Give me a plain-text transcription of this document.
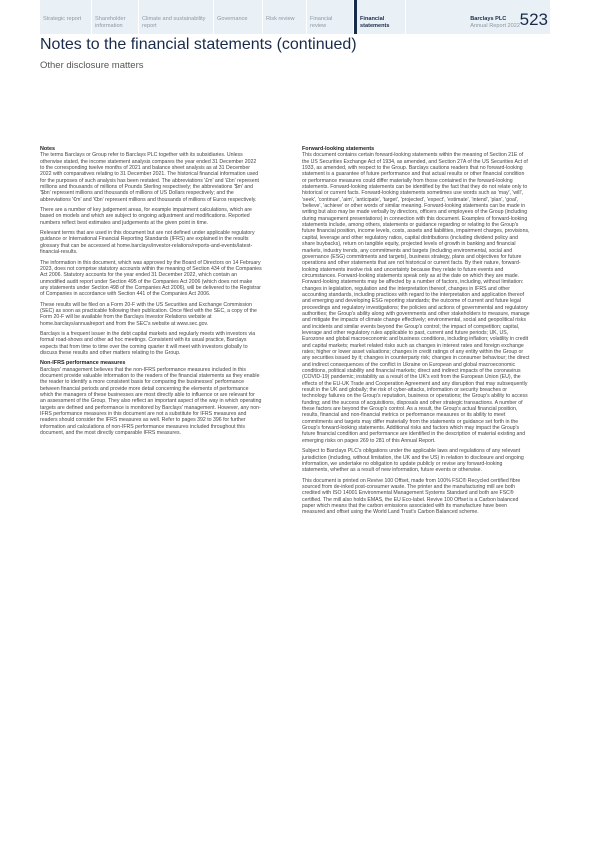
Strategic report	Shareholder information
Climate and sustainability report
Governance	Risk review	Financial review
Financial statements
Barclays PLC
Annual Report 2022 523
Notes to the financial statements (continued)
Other disclosure matters
Notes

The terms Barclays or Group refer to Barclays PLC together with its subsidiaries. Unless otherwise stated, the income statement analysis compares the year ended 31 December 2022 to the corresponding twelve months of 2021 and balance sheet analysis as at 31 December 2022 with comparatives relating to 31 December 2021. The historical financial information used for the purposes of such analysis has been restated. The abbreviations '£m' and '£bn' represent millions and thousands of millions of Pounds Sterling respectively; the abbreviations '$m' and '$bn' represent millions and thousands of millions of US Dollars respectively; and the abbreviations '€m' and '€bn' represent millions and thousands of millions of Euros respectively.

There are a number of key judgement areas, for example impairment calculations, which are based on models and which are subject to ongoing adjustment and modifications. Reported numbers reflect best estimates and judgements at the given point in time.

Relevant terms that are used in this document but are not defined under applicable regulatory guidance or International Financial Reporting Standards (IFRS) are explained in the results glossary that can be accessed at home.barclays/investor-relations/reports-and-events/latest-financial-results.

The information in this document, which was approved by the Board of Directors on 14 February 2023, does not comprise statutory accounts within the meaning of Section 434 of the Companies Act 2006. Statutory accounts for the year ended 31 December 2022, which contain an unmodified audit report under Section 495 of the Companies Act 2006 (which does not make any statements under Section 498 of the Companies Act 2006), will be delivered to the Registrar of Companies in accordance with Section 441 of the Companies Act 2006.

These results will be filed on a Form 20-F with the US Securities and Exchange Commission (SEC) as soon as practicable following their publication. Once filed with the SEC, a copy of the Form 20-F will be available from the Barclays Investor Relations website at home.barclays/annualreport and from the SEC's website at www.sec.gov.

Barclays is a frequent issuer in the debt capital markets and regularly meets with investors via formal road-shows and other ad hoc meetings. Consistent with its usual practice, Barclays expects that from time to time over the coming quarter it will meet with investors globally to discuss these results and other matters relating to the Group.

Non-IFRS performance measures

Barclays' management believes that the non-IFRS performance measures included in this document provide valuable information to the readers of the financial statements as they enable the reader to identify a more consistent basis for comparing the businesses' performance between financial periods and provide more detail concerning the elements of performance which the managers of these businesses are most directly able to influence or are relevant for an assessment of the Group. They also reflect an important aspect of the way in which operating targets are defined and performance is monitored by Barclays' management. However, any non-IFRS performance measures in this document are not a substitute for IFRS measures and readers should consider the IFRS measures as well. Refer to pages 392 to 396 for further information and calculations of non-IFRS performance measures included throughout this document, and the most directly comparable IFRS measures.

Forward-looking statements

This document contains certain forward-looking statements within the meaning of Section 21E of the US Securities Exchange Act of 1934, as amended, and Section 27A of the US Securities Act of 1933, as amended, with respect to the Group. Barclays cautions readers that no forward-looking statement is a guarantee of future performance and that actual results or other financial condition or performance measures could differ materially from those contained in the forward-looking statements. Forward-looking statements can be identified by the fact that they do not relate only to historical or current facts. Forward-looking statements sometimes use words such as 'may', 'will', 'seek', 'continue', 'aim', 'anticipate', 'target', 'projected', 'expect', 'estimate', 'intend', 'plan', 'goal', 'believe', 'achieve' or other words of similar meaning. Forward-looking statements can be made in writing but also may be made verbally by directors, officers and employees of the Group (including during management presentations) in connection with this document. Examples of forward-looking statements include, among others, statements or guidance regarding or relating to the Group's future financial position, income levels, costs, assets and liabilities, impairment charges, provisions, capital, leverage and other regulatory ratios, capital distributions (including dividend policy and share buybacks), return on tangible equity, projected levels of growth in banking and financial markets, industry trends, any commitments and targets (including environmental, social and governance (ESG) commitments and targets), business strategy, plans and objectives for future operations and other statements that are not historical or current facts. By their nature, forward-looking statements involve risk and uncertainty because they relate to future events and circumstances. Forward-looking statements speak only as at the date on which they are made. Forward-looking statements may be affected by a number of factors, including, without limitation: changes in legislation, regulation and the interpretation thereof, changes in IFRS and other accounting standards, including practices with regard to the interpretation and application thereof and emerging and developing ESG reporting standards; the outcome of current and future legal proceedings and regulatory investigations; the policies and actions of governmental and regulatory authorities; the Group's ability along with governments and other stakeholders to measure, manage and mitigate the impacts of climate change effectively; environmental, social and geopolitical risks and incidents and similar events beyond the Group's control; the impact of competition; capital, leverage and other regulatory rules applicable to past, current and future periods; UK, US, Eurozone and global macroeconomic and business conditions, including inflation; volatility in credit and capital markets; market related risks such as changes in interest rates and foreign exchange rates; higher or lower asset valuations; changes in credit ratings of any entity within the Group or any securities issued by it; changes in counterparty risk; changes in consumer behaviour; the direct and indirect consequences of the conflict in Ukraine on European and global macroeconomic conditions, political stability and financial markets; direct and indirect impacts of the coronavirus (COVID-19) pandemic; instability as a result of the UK's exit from the European Union (EU), the effects of the EU-UK Trade and Cooperation Agreement and any disruption that may subsequently result in the UK and globally; the risk of cyber-attacks, information or security breaches or technology failures on the Group's reputation, business or operations; the Group's ability to access funding; and the success of acquisitions, disposals and other strategic transactions. A number of these factors are beyond the Group's control. As a result, the Group's actual financial position, results, financial and non-financial metrics or performance measures or its ability to meet commitments and targets may differ materially from the statements or guidance set forth in the Group's forward-looking statements. Additional risks and factors which may impact the Group's future financial condition and performance are identified in the description of material existing and emerging risks on pages 269 to 281 of this Annual Report.

Subject to Barclays PLC's obligations under the applicable laws and regulations of any relevant jurisdiction (including, without limitation, the UK and the US) in relation to disclosure and ongoing information, we undertake no obligation to update publicly or revise any forward-looking statements, whether as a result of new information, future events or otherwise.

This document is printed on Revive 100 Offset, made from 100% FSC® Recycled certified fibre sourced from de-inked post-consumer waste. The printer and the manufacturing mill are both credited with ISO 14001 Environmental Management Systems Standard and both are FSC® certified. The mill also holds EMAS, the EU Eco-label. Revive 100 Offset is a Carbon balanced paper which means that the carbon emissions associated with its manufacture have been measured and offset using the World Land Trust's Carbon Balanced scheme.
